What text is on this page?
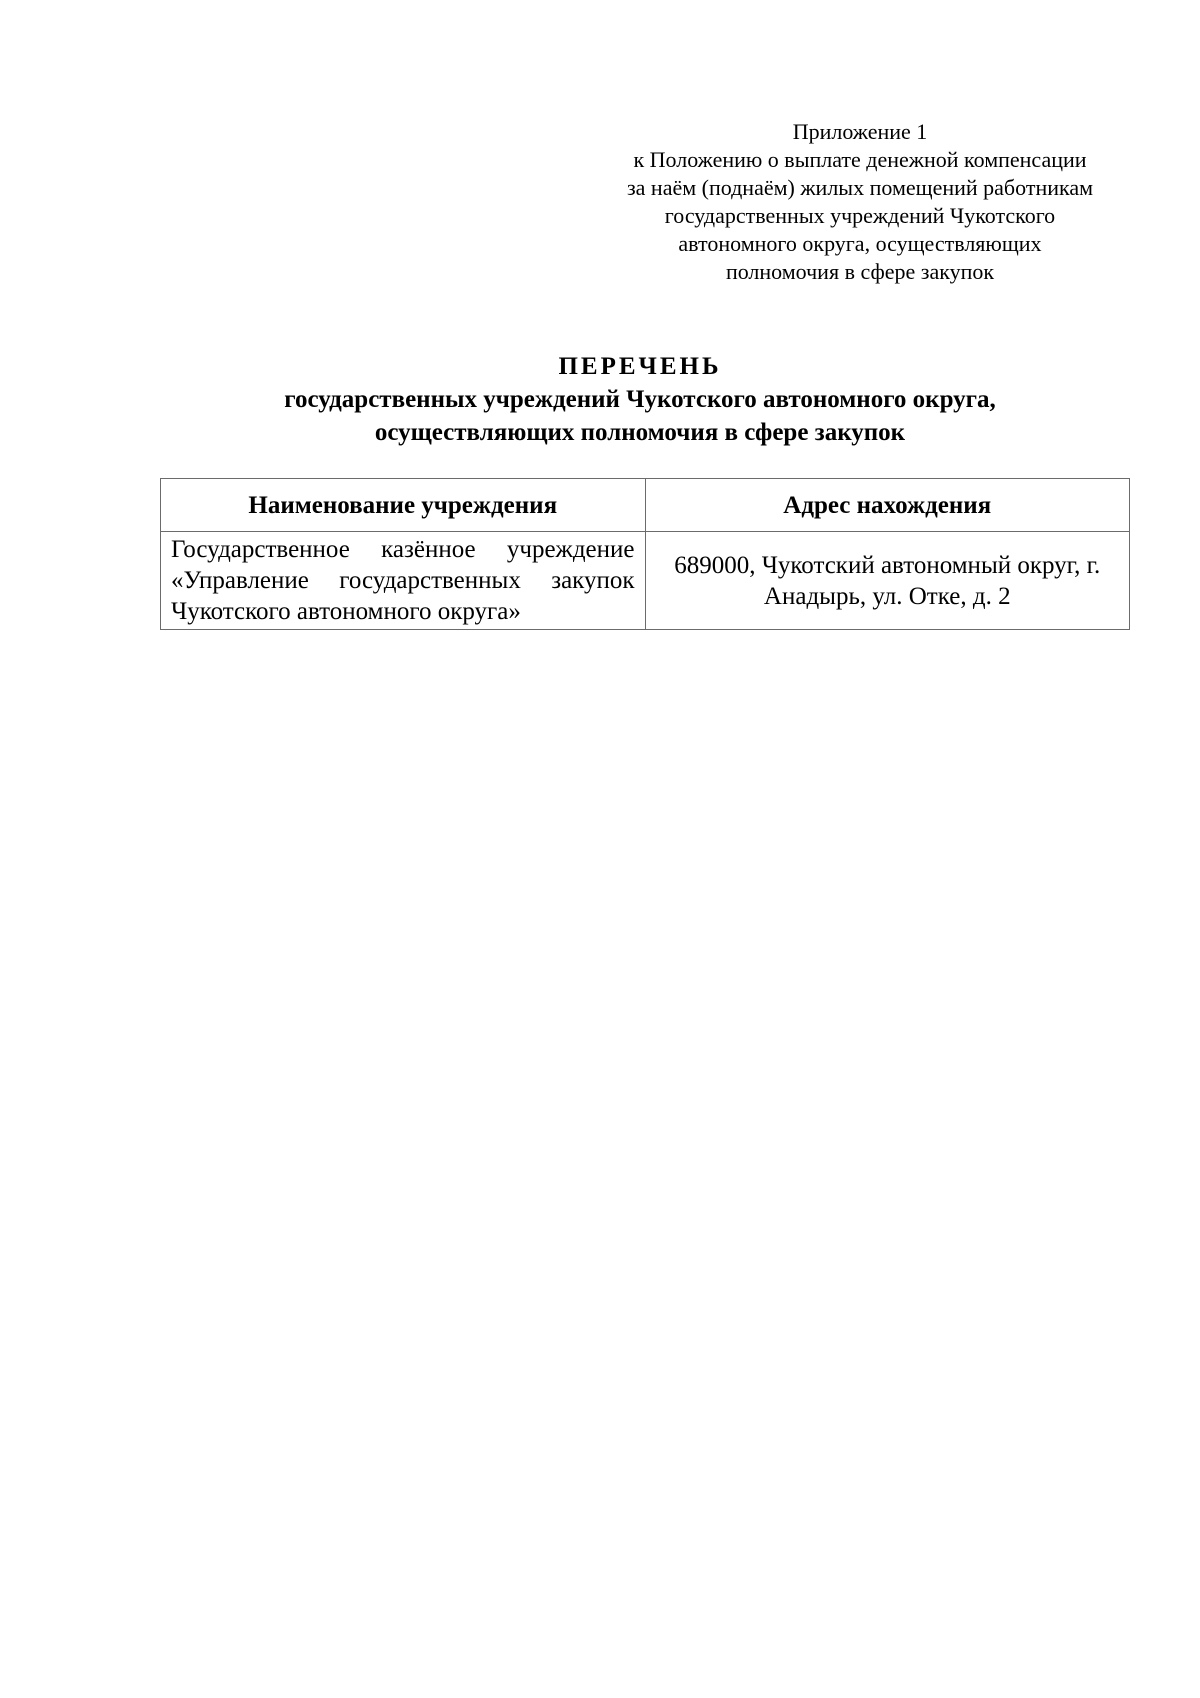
Приложение 1
к Положению о выплате денежной компенсации
за наём (поднаём) жилых помещений работникам
государственных учреждений Чукотского
автономного округа, осуществляющих
полномочия в сфере закупок
ПЕРЕЧЕНЬ
государственных учреждений Чукотского автономного округа,
осуществляющих полномочия в сфере закупок
Наименование учреждения	Адрес нахождения
Государственное казённое учреждение «Управление государственных закупок Чукотского автономного округа»	689000, Чукотский автономный округ, г. Анадырь, ул. Отке, д. 2
